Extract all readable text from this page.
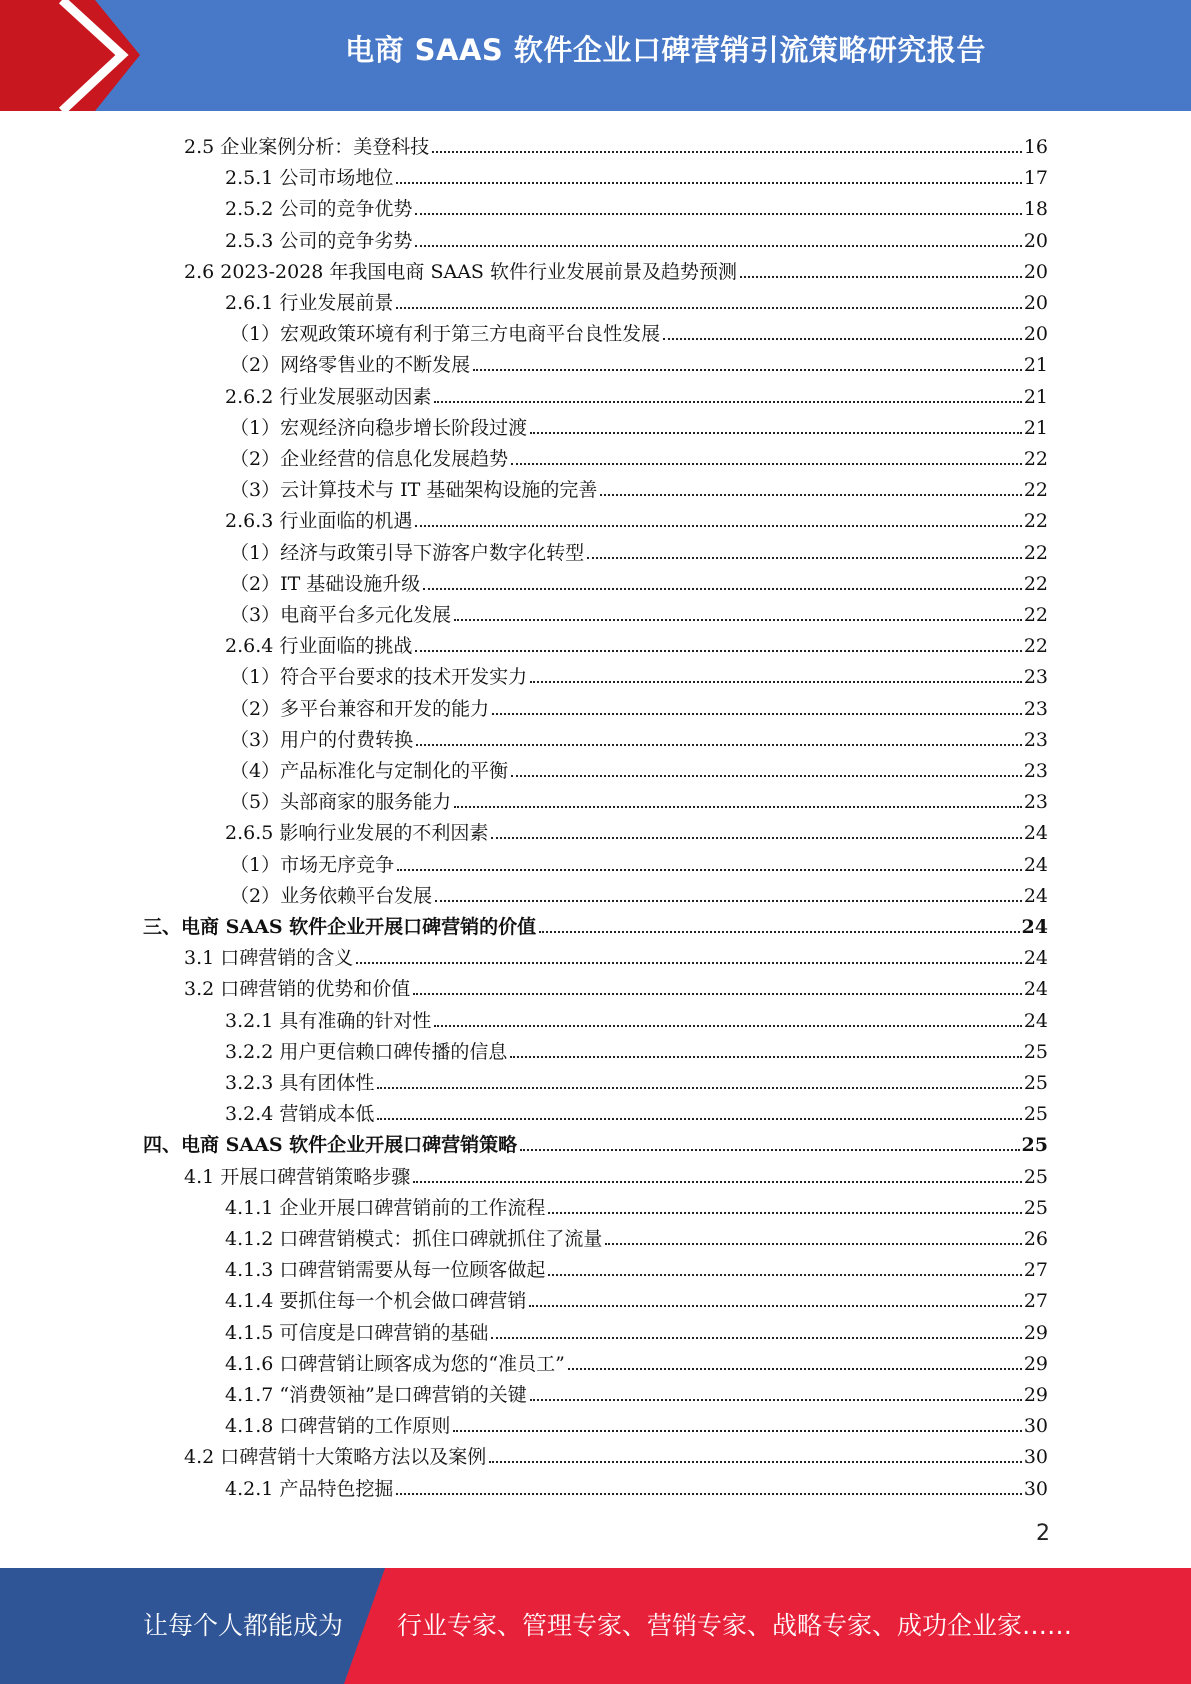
电商 SAAS 软件企业口碑营销引流策略研究报告
2.5 企业案例分析：美登科技	16
2.5.1 公司市场地位	17
2.5.2 公司的竞争优势	18
2.5.3 公司的竞争劣势	20
2.6 2023-2028 年我国电商 SAAS 软件行业发展前景及趋势预测	20
2.6.1 行业发展前景	20
（1）宏观政策环境有利于第三方电商平台良性发展	20
（2）网络零售业的不断发展	21
2.6.2 行业发展驱动因素	21
（1）宏观经济向稳步增长阶段过渡	21
（2）企业经营的信息化发展趋势	22
（3）云计算技术与 IT 基础架构设施的完善	22
2.6.3 行业面临的机遇	22
（1）经济与政策引导下游客户数字化转型	22
（2）IT 基础设施升级	22
（3）电商平台多元化发展	22
2.6.4 行业面临的挑战	22
（1）符合平台要求的技术开发实力	23
（2）多平台兼容和开发的能力	23
（3）用户的付费转换	23
（4）产品标准化与定制化的平衡	23
（5）头部商家的服务能力	23
2.6.5 影响行业发展的不利因素	24
（1）市场无序竞争	24
（2）业务依赖平台发展	24
三、电商 SAAS 软件企业开展口碑营销的价值	24
3.1 口碑营销的含义	24
3.2 口碑营销的优势和价值	24
3.2.1 具有准确的针对性	24
3.2.2 用户更信赖口碑传播的信息	25
3.2.3 具有团体性	25
3.2.4 营销成本低	25
四、电商 SAAS 软件企业开展口碑营销策略	25
4.1 开展口碑营销策略步骤	25
4.1.1 企业开展口碑营销前的工作流程	25
4.1.2 口碑营销模式：抓住口碑就抓住了流量	26
4.1.3 口碑营销需要从每一位顾客做起	27
4.1.4 要抓住每一个机会做口碑营销	27
4.1.5 可信度是口碑营销的基础	29
4.1.6 口碑营销让顾客成为您的“准员工”	29
4.1.7 “消费领袖”是口碑营销的关键	29
4.1.8 口碑营销的工作原则	30
4.2 口碑营销十大策略方法以及案例	30
4.2.1 产品特色挖掘	30
2
让每个人都能成为 行业专家、管理专家、营销专家、战略专家、成功企业家……
